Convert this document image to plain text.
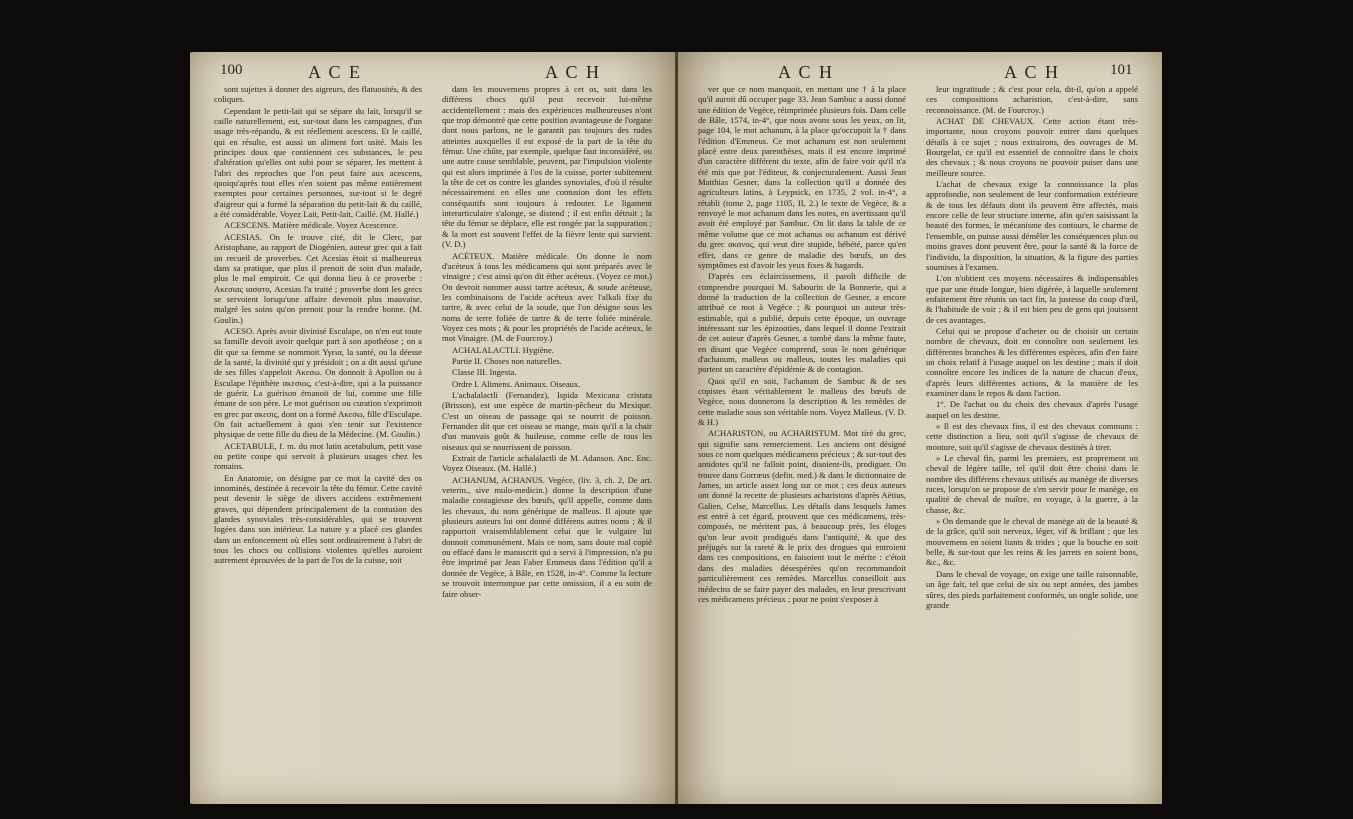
100	A C E	A C H

sont sujettes à donner des aigreurs, des flatuosités, & des coliques.

Cependant le petit-lait qui se sépare du lait, lorsqu'il se caille naturellement, est, sur-tout dans les campagnes, d'un usage très-répandu, & est réellement acescens. Et le caillé, qui en résulte, est aussi un aliment fort usité. Mais les principes doux que contiennent ces substances, le peu d'altération qu'elles ont subi pour se séparer, les mettent à l'abri des reproches que l'on peut faire aux acescens, quoiqu'après tout elles n'en soient pas même entièrement exemptes pour certaines personnes, sur-tout si le degré d'aigreur qui a formé la séparation du petit-lait & du caillé, a été considérable. Voyez Lait, Petit-lait, Caillé. (M. Hallé.)

ACESCENS. Matière médicale. Voyez Acescence.

ACESIAS. On le trouve cité, dit le Clerc, par Aristophane, au rapport de Diogénien, auteur grec qui a fait un recueil de proverbes. Cet Acesias étoit si malheureux dans sa pratique, que plus il prenoit de soin d'un malade, plus le mal empiroit. Ce qui donna lieu à ce proverbe : Ακεσιας ιασατο, Acesias l'a traité ; proverbe dont les grecs se servoient lorsqu'une affaire devenoit plus mauvaise, malgré les soins qu'on prenoit pour la rendre bonne. (M. Goulin.)

ACESO. Après avoir divinisé Esculape, on n'en eut toute sa famille devoit avoir quelque part à son apothéose ; on a dit que sa femme se nommoit Υγεια, la santé, ou la déesse de la santé, la divinité qui y présidoit ; on a dit aussi qu'une de ses filles s'appeloit Ακεσω. On donnoit à Apollon ou à Esculape l'épithète ακεσιος, c'est-à-dire, qui a la puissance de guérir. La guérison émanoit de lui, comme une fille émane de son père. Le mot guérison ou curation s'exprimoit en grec par ακεσις, dont on a formé Ακεσω, fille d'Esculape. On fait actuellement à quoi s'en tenir sur l'existence physique de cette fille du dieu de la Médecine. (M. Goulin.)

ACETABULE, f. m. du mot latin acetabulum, petit vase ou petite coupe qui servoit à plusieurs usages chez les romains.

En Anatomie, on désigne par ce mot la cavité des os innominés, destinée à recevoir la tête du fémur. Cette cavité peut devenir le siège de divers accidens extrêmement graves, qui dépendent principalement de la contusion des glandes synoviales très-considérables, qui se trouvent logées dans son intérieur. La nature y a placé ces glandes dans un enfoncement où elles sont ordinairement à l'abri de tous les chocs ou collisions violentes qu'elles auroient autrement éprouvées de la part de l'os de la cuisse, soit

dans les mouvemens propres à cet os, soit dans les différens chocs qu'il peut recevoir lui-même accidentellement : mais des expériences malheureuses n'ont que trop démontré que cette position avantageuse de l'organe dont nous parlons, ne le garantit pas toujours des rudes atteintes auxquelles il est exposé de la part de la tête du fémur. Une chûte, par exemple, quelque faut inconsidéré, ou une autre cause semblable, peuvent, par l'impulsion violente qui est alors imprimée à l'os de la cuisse, porter subitement la tête de cet os contre les glandes synoviales, d'où il résulte nécessairement en elles une contusion dont les effets conséquutifs sont toujours à redouter. Le ligament interarticulaire s'alonge, se distend ; il est enfin détruit ; la tête du fémur se déplace, elle est rongée par la suppuration ; & la mort est souvent l'effet de la fièvre lente qui survient. (V. D.)

ACÉTEUX. Matière médicale. On donne le nom d'acéteux à tous les médicamens qui sont préparés avec le vinaigre ; c'est ainsi qu'on dit éther acéteux. (Voyez ce mot.) On devroit nommer aussi tartre acéteux, & soude acéteuse, les combinaisons de l'acide acéteux avec l'alkali fixe du tartre, & avec celui de la soude, que l'on désigne sous les noms de terre foliée de tartre & de terre foliée minérale. Voyez ces mots ; & pour les propriétés de l'acide acéteux, le mot Vinaigre. (M. de Fourcroy.)

ACHALALACTLI. Hygiène.

Partie II. Choses non naturelles.

Classe III. Ingesta.

Ordre I. Alimens. Animaux. Oiseaux.

L'achalalactli (Fernandez), Ispida Mexicana cristata (Brisson), est une espèce de martin-pêcheur du Mexique. C'est un oiseau de passage qui se nourrit de poisson. Fernandez dit que cet oiseau se mange, mais qu'il a la chair d'un mauvais goût & huileuse, comme celle de tous les oiseaux qui se nourrissent de poisson.

Extrait de l'article achalalactli de M. Adanson. Anc. Enc. Voyez Oiseaux. (M. Hallé.)

ACHANUM, ACHANUS. Vegèce, (liv. 3, ch. 2, De art. veterin., sive mulo-medicin.) donne la description d'une maladie contagieuse des bœufs, qu'il appelle, comme dans les chevaux, du nom générique de malleus. Il ajoute que plusieurs auteurs lui ont donné différens autres noms ; & il rapportoit vraisemblablement celui que le vulgaire lui donnoit communément. Mais ce nom, sans doute mal copié ou effacé dans le manuscrit qui a servi à l'impression, n'a pu être imprimé par Jean Faber Emmeus dans l'édition qu'il a donnée de Vegèce, à Bâle, en 1528, in-4°. Comme la lecture se trouvoit interrompue par cette omission, il a eu soin de faire obser-

A C H	A C H	101

ver que ce nom manquoit, en mettant une † à la place qu'il auroit dû occuper page 33. Jean Sambuc a aussi donné une édition de Vegèce, réimprimée plusieurs fois. Dans celle de Bâle, 1574, in-4°, que nous avons sous les yeux, on lit, page 104, le mot achanum, à la place qu'occupoit la † dans l'édition d'Emmeus. Ce mot achanum est non seulement placé entre deux parenthèses, mais il est encore imprimé d'un caractère différent du texte, afin de faire voir qu'il n'a été mis que par l'éditeur, & conjecturalement. Aussi Jean Matthias Gesner, dans la collection qu'il a donnée des agriculteurs latins, à Leypsick, en 1735, 2 vol. in-4°, a rétabli (tome 2, page 1105, II, 2.) le texte de Vegèce, & a renvoyé le mot achanum dans les notes, en avertissant qu'il avoit été employé par Sambuc. On lit dans la table de ce même volume que ce mot achanus ou achanum est dérivé du grec ακανος, qui veut dire stupide, hébété, parce qu'en effet, dans ce genre de maladie des bœufs, un des symptômes est d'avoir les yeux fixes & hagards.

D'après ces éclaircissemens, il paroît difficile de comprendre pourquoi M. Sabourin de la Bonnerie, qui a donné la traduction de la collection de Gesner, a encore attribué ce mot à Vegèce ; & pourquoi un auteur très-estimable, qui a publié, depuis cette époque, un ouvrage intéressant sur les épizooties, dans lequel il donne l'extrait de cet auteur d'après Gesner, a tombé dans la même faute, en disant que Vegèce comprend, sous le nom générique d'achanum, malleus ou malleus, toutes les maladies qui portent un caractère d'épidémie & de contagion.

Quoi qu'il en soit, l'achanum de Sambuc & de ses copistes étant véritablement le malleus des bœufs de Vegèce, nous donnerons la description & les remèdes de cette maladie sous son véritable nom. Voyez Malleus. (V. D. & H.)

ACHARISTON, ou ACHARISTUM. Mot tiré du grec, qui signifie sans remerciement. Les anciens ont désigné sous ce nom quelques médicamens précieux ; & sur-tout des antidotes qu'il ne falloit point, disoient-ils, prodiguer. On trouve dans Gorræus (defin. med.) & dans le dictionnaire de James, un article assez long sur ce mot ; ces deux auteurs ont donné la recette de plusieurs acharistons d'après Aëtius, Galien, Celse, Marcellus. Les détails dans lesquels James est entré à cet égard, prouvent que ces médicamens, très-composés, ne méritent pas, à beaucoup près, les éloges qu'on leur avoit prodigués dans l'antiquité, & que des préjugés sur la rareté & le prix des drogues qui entroient dans ces compositions, en faisoient tout le mérite : c'étoit dans des maladies désespérées qu'on recommandoit particulièrement ces remèdes. Marcellus conseilloit aux médecins de se faire payer des malades, en leur prescrivant ces médicamens précieux ; pour ne point s'exposer à

leur ingratitude ; & c'est pour cela, dit-il, qu'on a appelé ces compositions acharistion, c'est-à-dire, sans reconnoissance. (M. de Fourcroy.)

ACHAT DE CHEVAUX. Cette action étant très-importante, nous croyons pouvoir entrer dans quelques détails à ce sujet ; nous extrairons, des ouvrages de M. Bourgelat, ce qu'il est essentiel de connoître dans le choix des chevaux ; & nous croyons ne pouvoir puiser dans une meilleure source.

L'achat de chevaux exige la connoissance la plus approfondie, non seulement de leur conformation extérieure & de tous les défauts dont ils peuvent être affectés, mais encore celle de leur structure interne, afin qu'en saisissant la beauté des formes, le mécanisme des contours, le charme de l'ensemble, on puisse aussi démêler les conséquences plus ou moins graves dont peuvent être, pour la santé & la force de l'individu, la disposition, la situation, & la figure des parties soumises à l'examen.

L'on n'obtient ces moyens nécessaires & indispensables que par une étude longue, bien digérée, à laquelle seulement enfaitement être réunis un tact fin, la justesse du coup d'œil, & l'habitude de voir ; & il est bien peu de gens qui jouissent de ces avantages.

Celui qui se propose d'acheter ou de choisir un certain nombre de chevaux, doit en connoître non seulement les différentes branches & les différentes espèces, afin d'en faire un choix relatif à l'usage auquel on les destine ; mais il doit connoître encore les indices de la nature de chacun d'eux, d'après leurs différentes actions, & la manière de les examiner dans le repos & dans l'action.

1°. De l'achat ou du choix des chevaux d'après l'usage auquel on les destine.

« Il est des chevaux fins, il est des chevaux communs : cette distinction a lieu, soit qu'il s'agisse de chevaux de monture, soit qu'il s'agisse de chevaux destinés à tirer.

» Le cheval fin, parmi les premiers, est proprement un cheval de légère taille, tel qu'il doit être choisi dans le nombre des différens chevaux utilisés au manège de diverses races, lorsqu'on se propose de s'en servir pour le manège, en qualité de cheval de maître, en voyage, à la guerre, à la chasse, &c.

» On demande que le cheval de manège ait de la beauté & de la grâce, qu'il soit nerveux, léger, vif & brillant ; que les mouvemens en soient liants & trides ; que la bouche en soit belle, & sur-tout que les reins & les jarrets en soient bons, &c., &c.

Dans le cheval de voyage, on exige une taille raisonnable, un âge fait, tel que celui de six ou sept années, des jambes sûres, des pieds parfaitement conformés, un ongle solide, une grande
